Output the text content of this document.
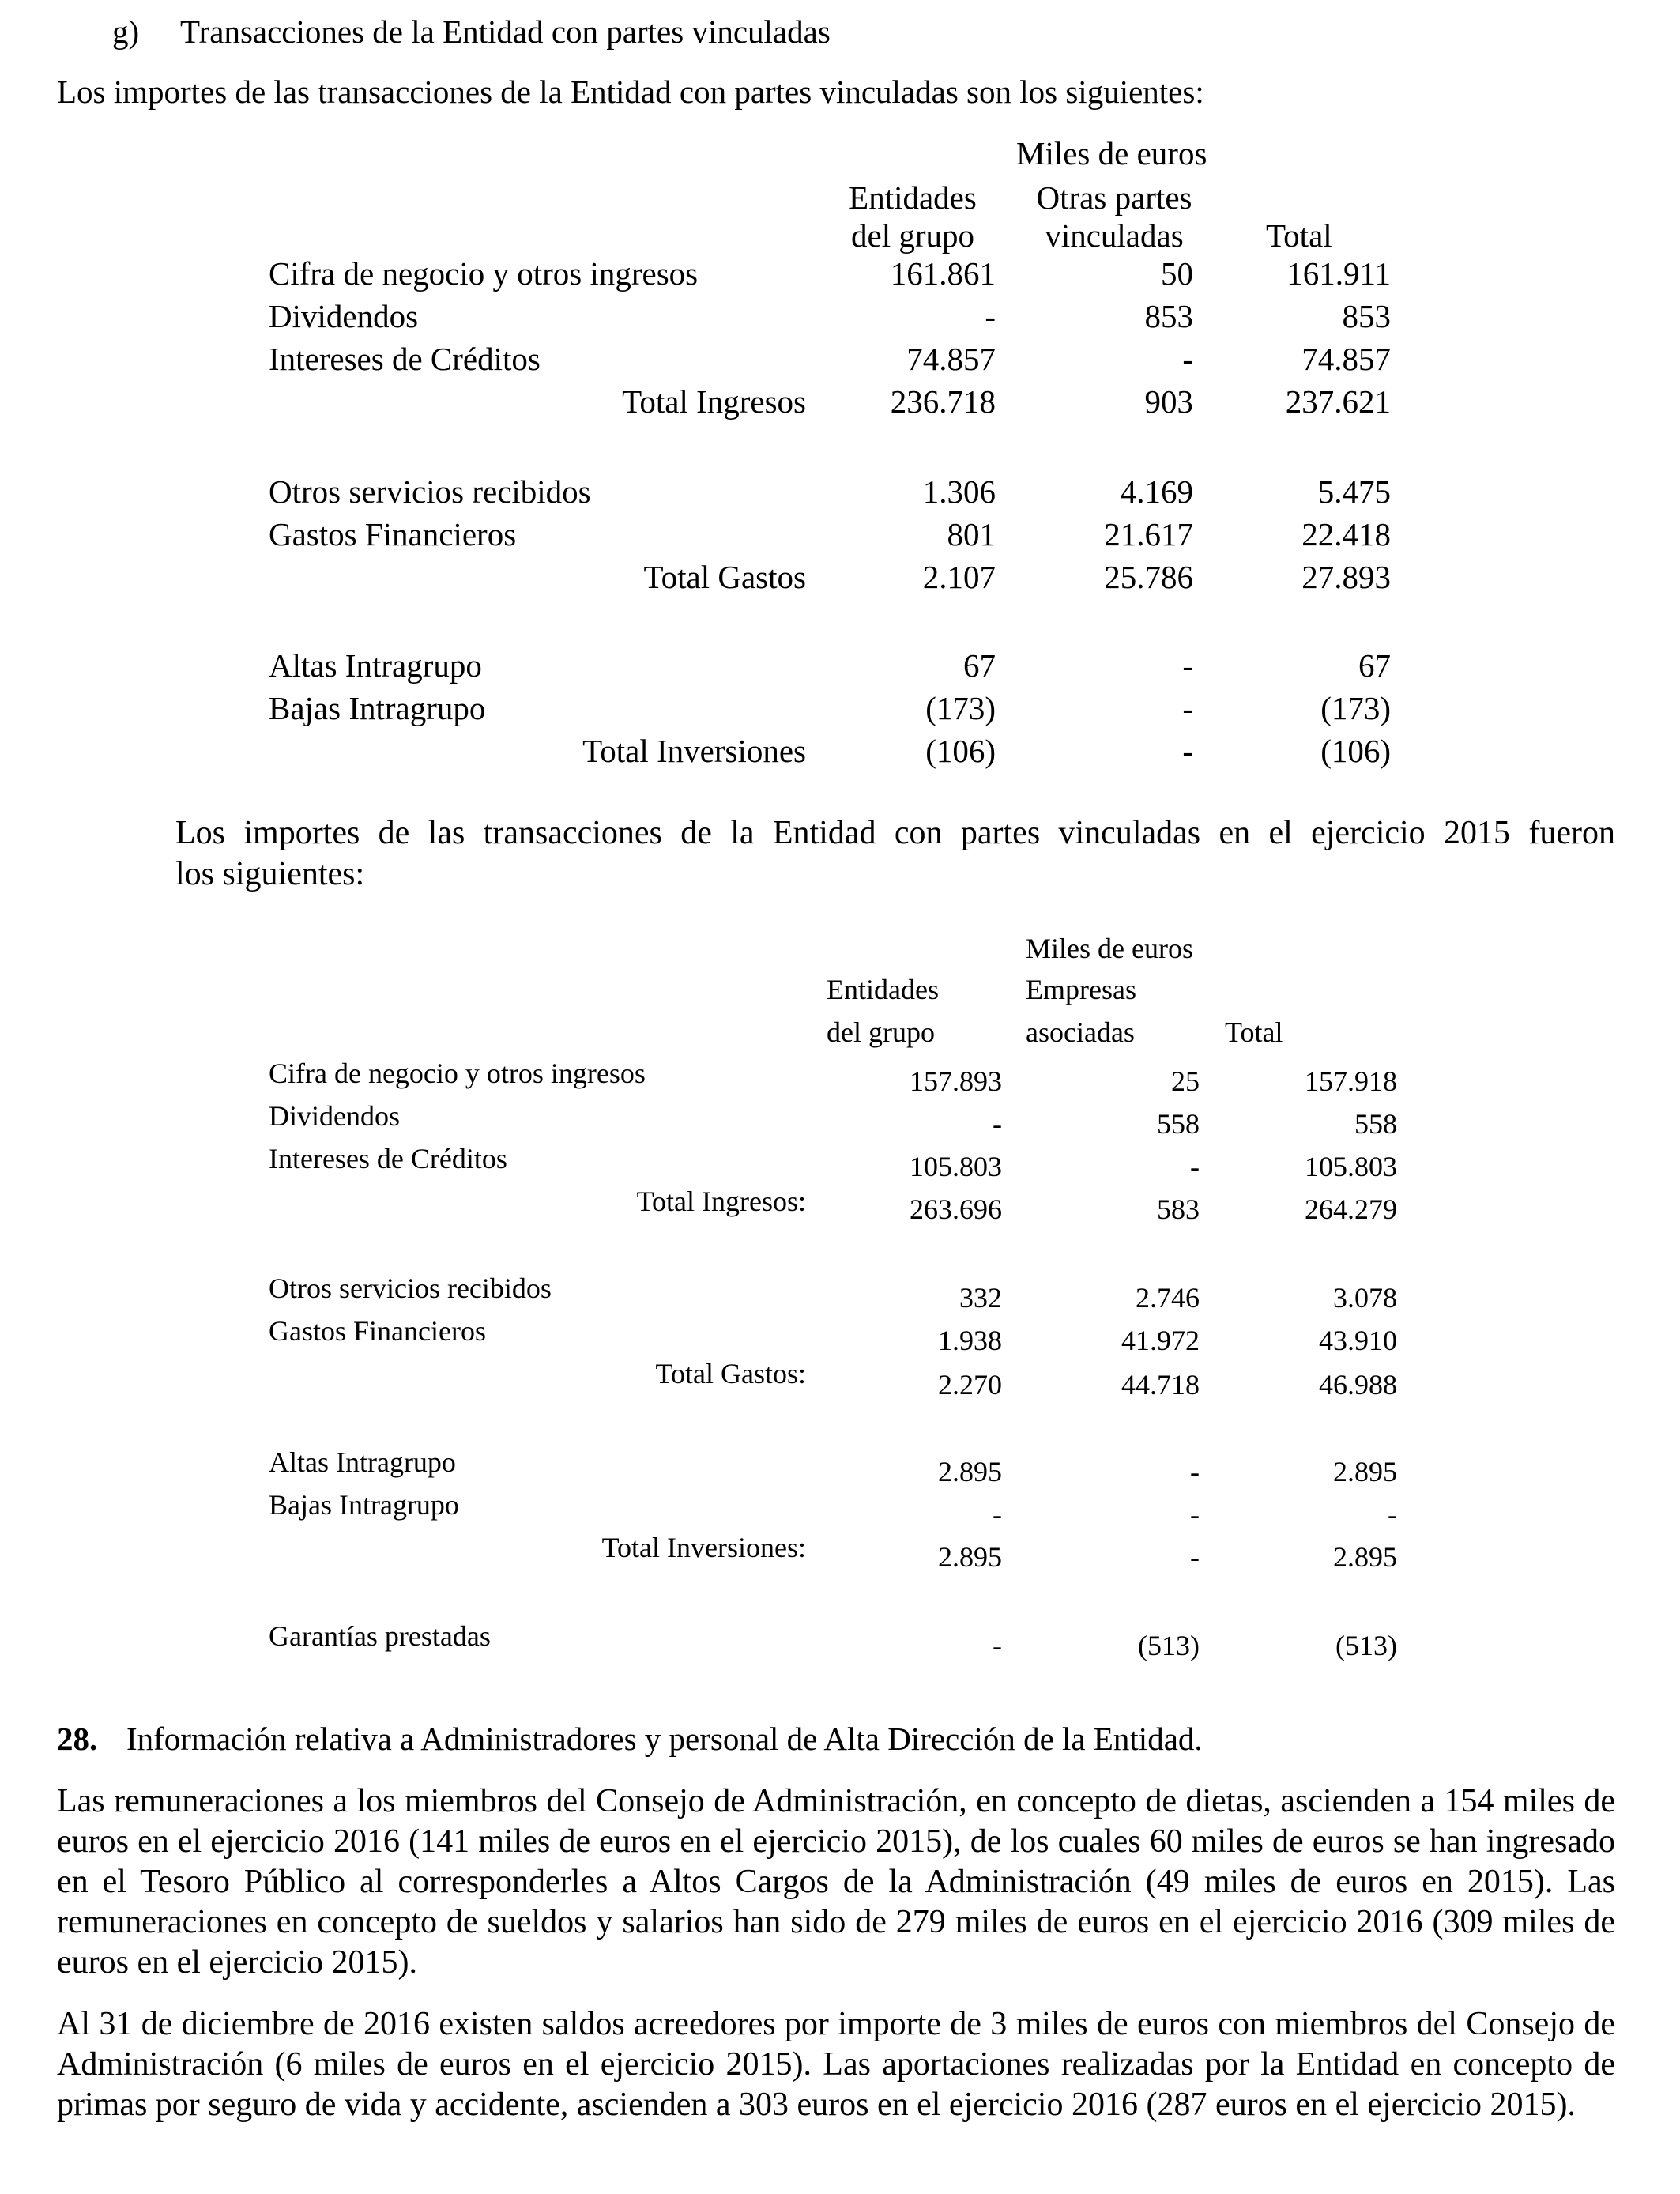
g) Transacciones de la Entidad con partes vinculadas
Los importes de las transacciones de la Entidad con partes vinculadas son los siguientes:
Miles de euros
Entidades
del grupo
Otras partes
vinculadas	Total
Cifra de negocio y otros ingresos	161.861	50	161.911
Dividendos	-	853	853
Intereses de Créditos	74.857	-	74.857
Total Ingresos	236.718	903	237.621
Otros servicios recibidos	1.306	4.169	5.475
Gastos Financieros	801	21.617	22.418
Total Gastos	2.107	25.786	27.893
Altas Intragrupo	67	-	67
Bajas Intragrupo	(173)	-	(173)
Total Inversiones	(106)	-	(106)
Los importes de las transacciones de la Entidad con partes vinculadas en el ejercicio 2015 fueron
los siguientes:
Miles de euros
Entidades
del grupo
Empresas
asociadas	Total
Cifra de negocio y otros ingresos	157.893	25	157.918
Dividendos	-	558	558
Intereses de Créditos	105.803	-	105.803
Total Ingresos:	263.696	583	264.279
Otros servicios recibidos	332	2.746	3.078
Gastos Financieros	1.938	41.972	43.910
Total Gastos:	2.270	44.718	46.988
Altas Intragrupo	2.895	-	2.895
Bajas Intragrupo	-	-	-
Total Inversiones:	2.895	-	2.895
Garantías prestadas	-	(513)	(513)
28. Información relativa a Administradores y personal de Alta Dirección de la Entidad.
Las remuneraciones a los miembros del Consejo de Administración, en concepto de dietas, ascienden a 154 miles de euros en el ejercicio 2016 (141 miles de euros en el ejercicio 2015), de los cuales 60 miles de euros se han ingresado en el Tesoro Público al corresponderles a Altos Cargos de la Administración (49 miles de euros en 2015). Las remuneraciones en concepto de sueldos y salarios han sido de 279 miles de euros en el ejercicio 2016 (309 miles de euros en el ejercicio 2015).
Al 31 de diciembre de 2016 existen saldos acreedores por importe de 3 miles de euros con miembros del Consejo de Administración (6 miles de euros en el ejercicio 2015). Las aportaciones realizadas por la Entidad en concepto de primas por seguro de vida y accidente, ascienden a 303 euros en el ejercicio 2016 (287 euros en el ejercicio 2015).
